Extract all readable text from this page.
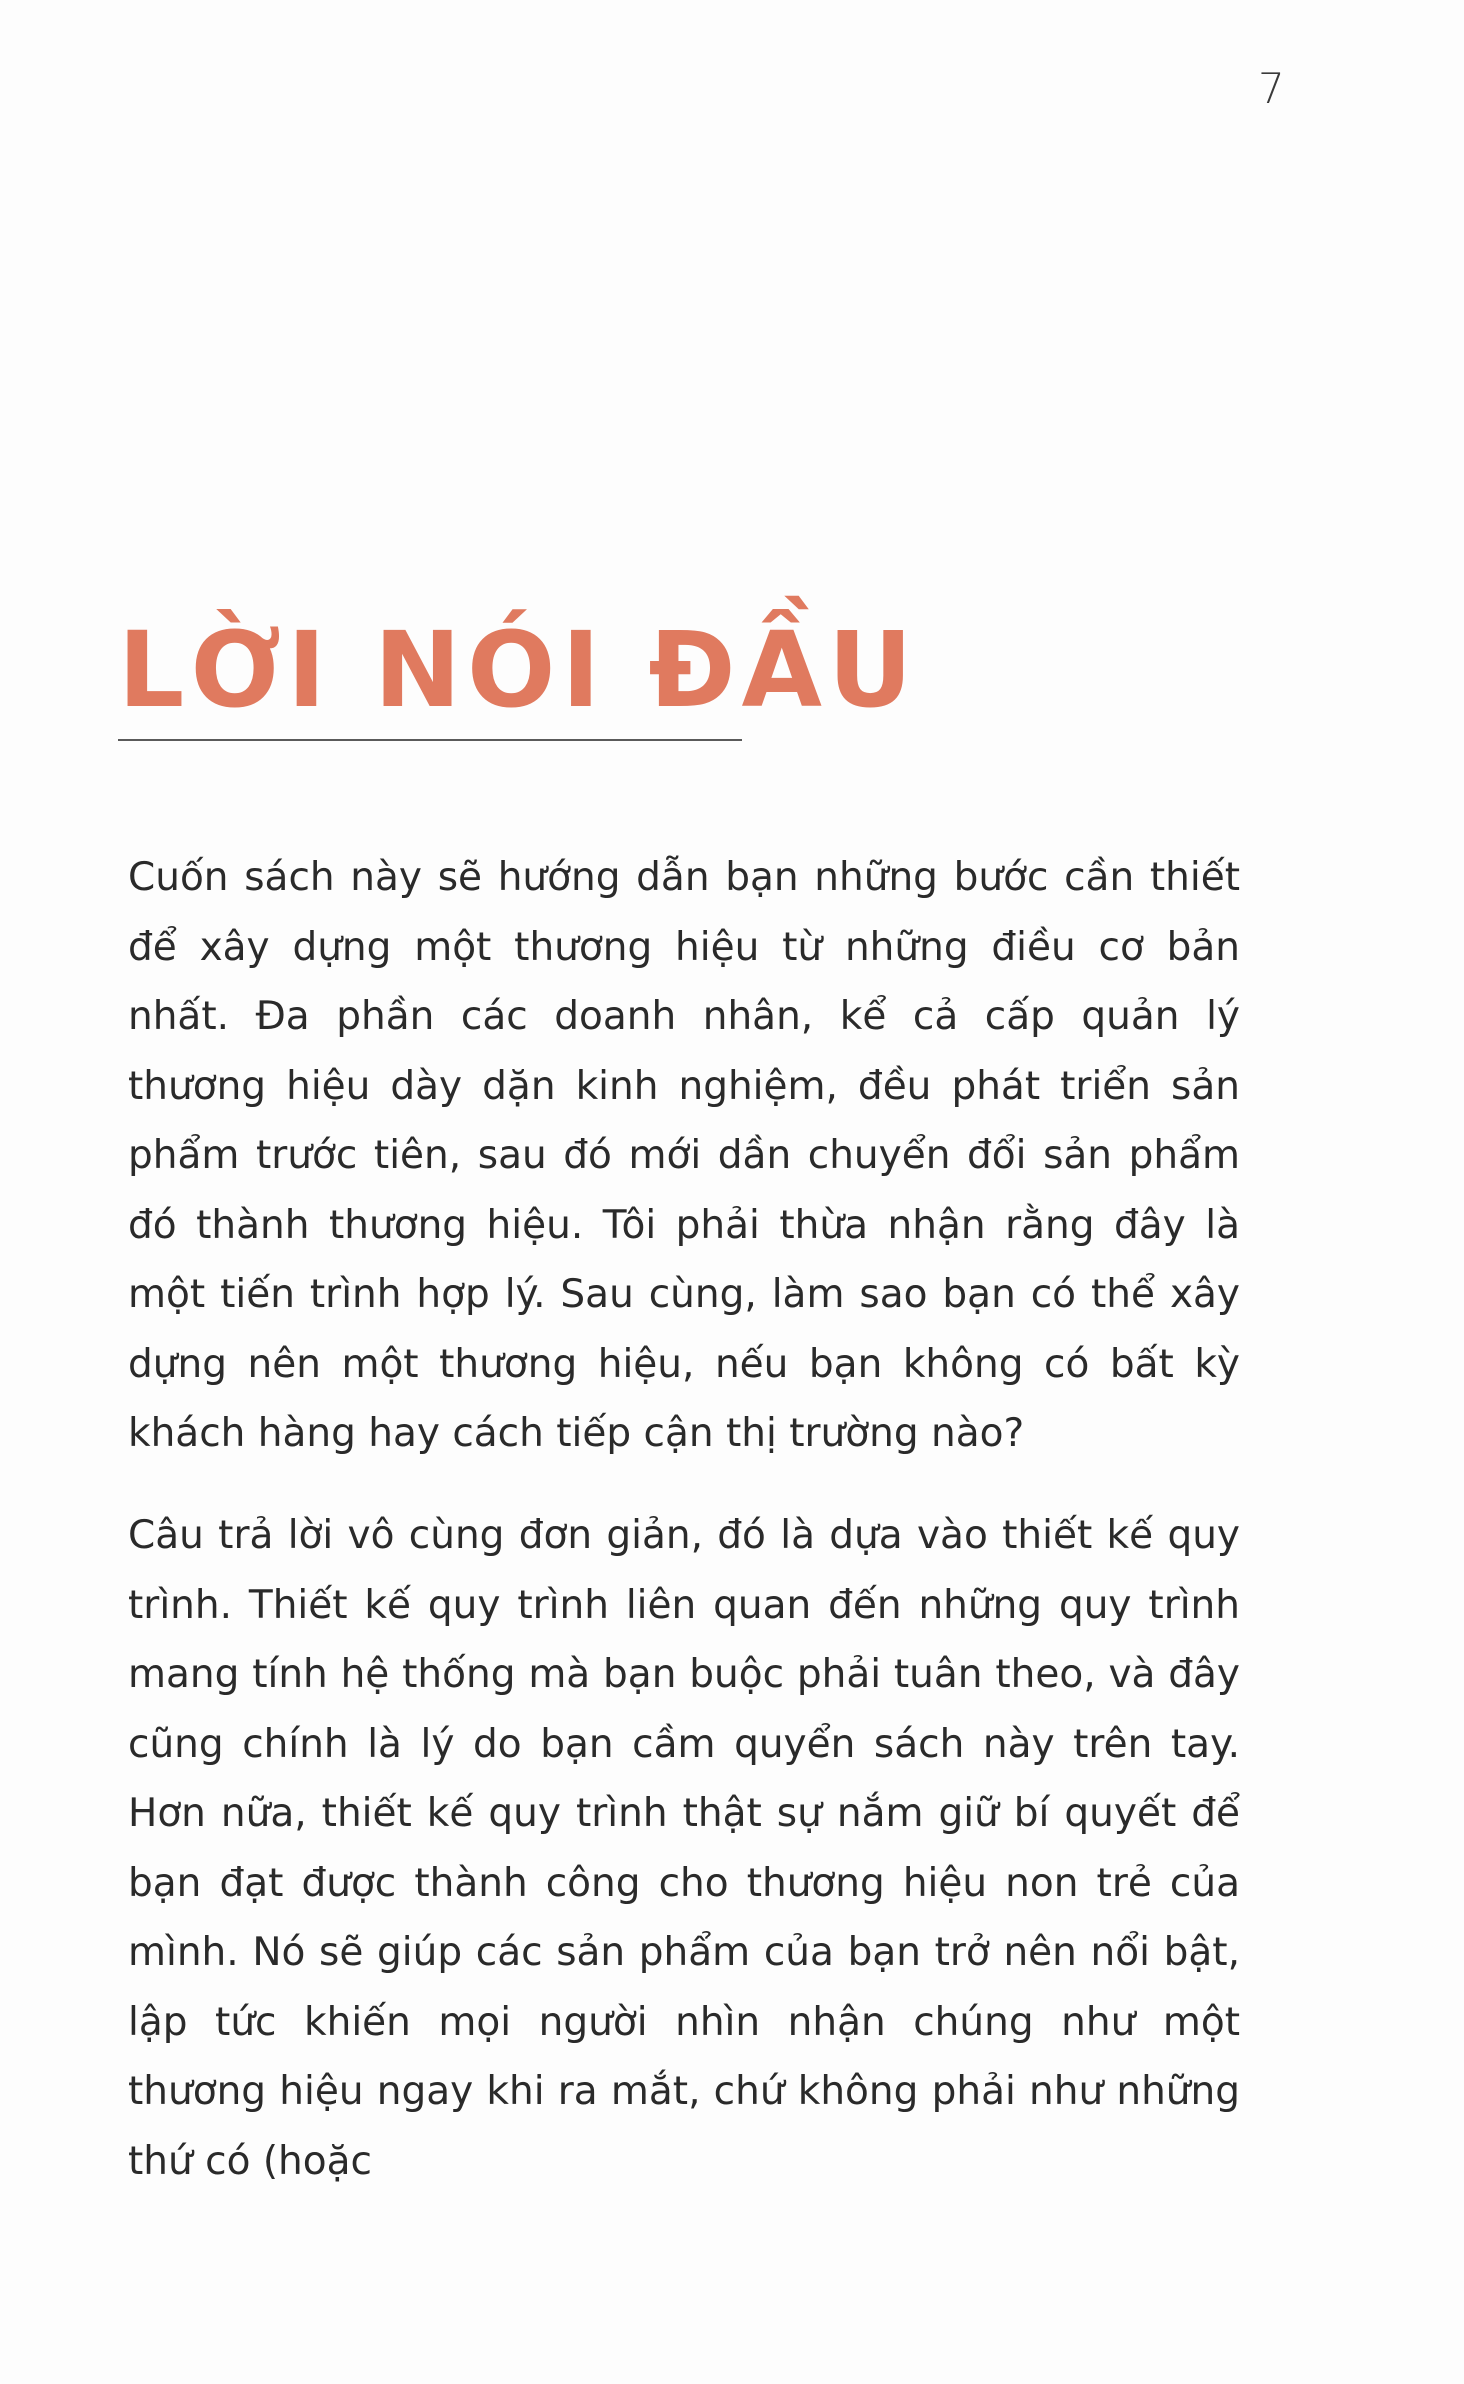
7
LỜI NÓI ĐẦU

Cuốn sách này sẽ hướng dẫn bạn những bước cần thiết để xây dựng một thương hiệu từ những điều cơ bản nhất. Đa phần các doanh nhân, kể cả cấp quản lý thương hiệu dày dặn kinh nghiệm, đều phát triển sản phẩm trước tiên, sau đó mới dần chuyển đổi sản phẩm đó thành thương hiệu. Tôi phải thừa nhận rằng đây là một tiến trình hợp lý. Sau cùng, làm sao bạn có thể xây dựng nên một thương hiệu, nếu bạn không có bất kỳ khách hàng hay cách tiếp cận thị trường nào?

Câu trả lời vô cùng đơn giản, đó là dựa vào thiết kế quy trình. Thiết kế quy trình liên quan đến những quy trình mang tính hệ thống mà bạn buộc phải tuân theo, và đây cũng chính là lý do bạn cầm quyển sách này trên tay. Hơn nữa, thiết kế quy trình thật sự nắm giữ bí quyết để bạn đạt được thành công cho thương hiệu non trẻ của mình. Nó sẽ giúp các sản phẩm của bạn trở nên nổi bật, lập tức khiến mọi người nhìn nhận chúng như một thương hiệu ngay khi ra mắt, chứ không phải như những thứ có (hoặc
